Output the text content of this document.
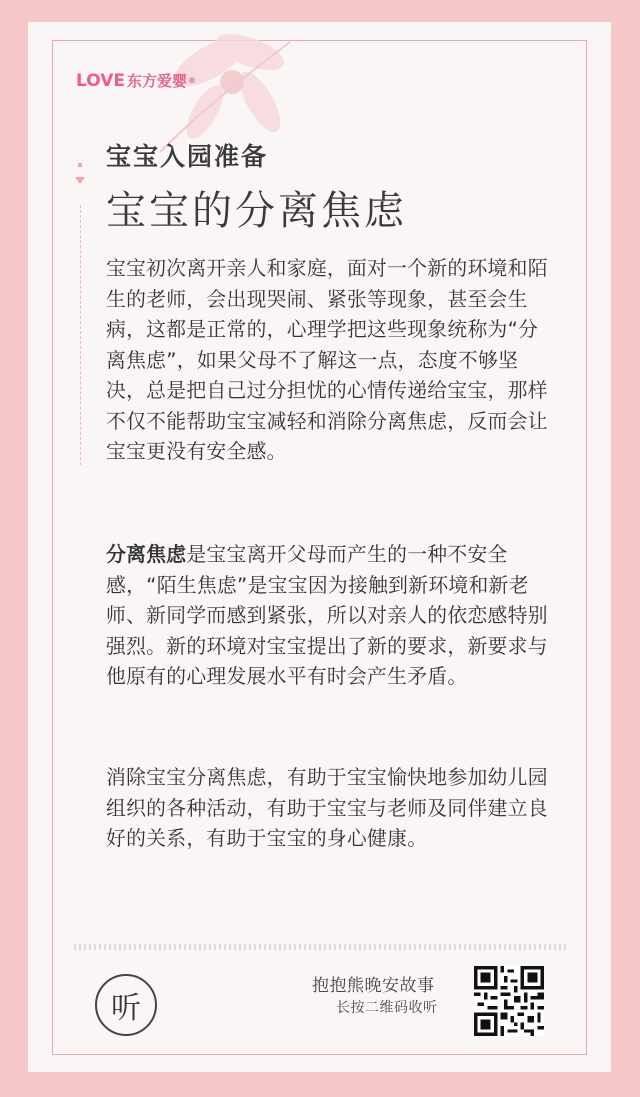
LOVE 东方爱婴 ®
宝宝入园准备
宝宝的分离焦虑

宝宝初次离开亲人和家庭，面对一个新的环境和陌生的老师，会出现哭闹、紧张等现象，甚至会生病，这都是正常的，心理学把这些现象统称为“分离焦虑”，如果父母不了解这一点，态度不够坚决，总是把自己过分担忧的心情传递给宝宝，那样不仅不能帮助宝宝减轻和消除分离焦虑，反而会让宝宝更没有安全感。

分离焦虑是宝宝离开父母而产生的一种不安全感，“陌生焦虑”是宝宝因为接触到新环境和新老师、新同学而感到紧张，所以对亲人的依恋感特别强烈。新的环境对宝宝提出了新的要求，新要求与他原有的心理发展水平有时会产生矛盾。

消除宝宝分离焦虑，有助于宝宝愉快地参加幼儿园组织的各种活动，有助于宝宝与老师及同伴建立良好的关系，有助于宝宝的身心健康。

听
抱抱熊晚安故事
长按二维码收听
